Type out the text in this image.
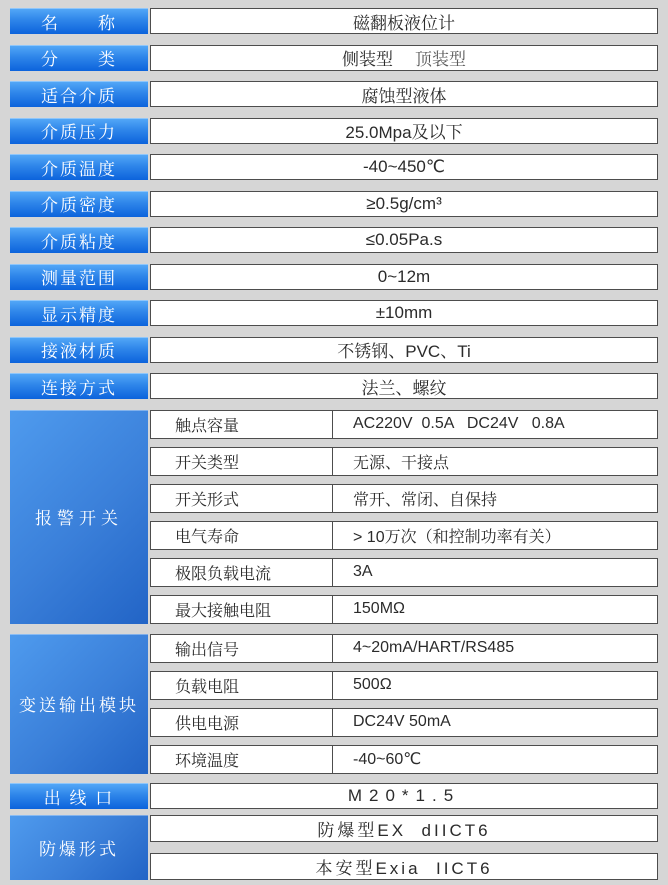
名　　称	磁翻板液位计
分　　类	侧装型 顶装型
适合介质	腐蚀型液体
介质压力	25.0Mpa及以下
介质温度	-40~450℃
介质密度	≥0.5g/cm³
介质粘度	≤0.05Pa.s
测量范围	0~12m
显示精度	±10mm
接液材质	不锈钢、PVC、Ti
连接方式	法兰、螺纹
报警开关
触点容量	AC220V  0.5A   DC24V   0.8A
开关类型	无源、干接点
开关形式	常开、常闭、自保持
电气寿命	> 10万次（和控制功率有关）
极限负载电流	3A
最大接触电阻	150MΩ
变送输出模块
输出信号	4~20mA/HART/RS485
负载电阻	500Ω
供电电源	DC24V 50mA
环境温度	-40~60℃
出 线 口	M20*1.5
防爆形式
防爆型EX  dIICT6
本安型Exia  IICT6
